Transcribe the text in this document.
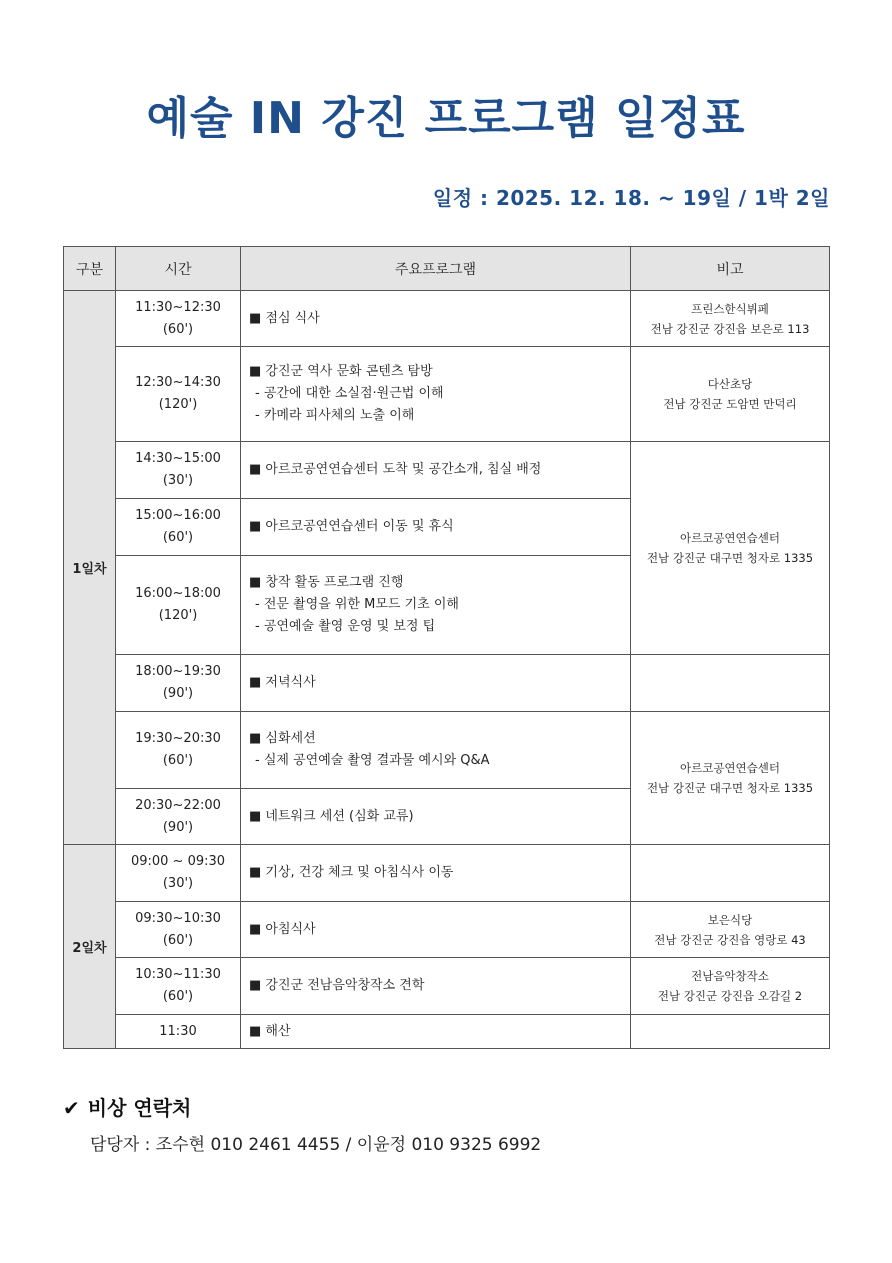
예술 IN 강진 프로그램 일정표
일정 : 2025. 12. 18. ~ 19일 / 1박 2일
구분	시간	주요프로그램	비고
1일차	11:30~12:30
(60')	■ 점심 식사	프린스한식뷔페
전남 강진군 강진읍 보은로 113
	12:30~14:30
(120')	■ 강진군 역사 문화 콘텐츠 탐방
- 공간에 대한 소실점·원근법 이해
- 카메라 피사체의 노출 이해	다산초당
전남 강진군 도암면 만덕리
	14:30~15:00
(30')	■ 아르코공연연습센터 도착 및 공간소개, 침실 배정	아르코공연연습센터
전남 강진군 대구면 청자로 1335
	15:00~16:00
(60')	■ 아르코공연연습센터 이동 및 휴식	
	16:00~18:00
(120')	■ 창작 활동 프로그램 진행
- 전문 촬영을 위한 M모드 기초 이해
- 공연예술 촬영 운영 및 보정 팁	

	18:00~19:30
(90')	■ 저녁식사	
	19:30~20:30
(60')	■ 심화세션
- 실제 공연예술 촬영 결과물 예시와 Q&A	아르코공연연습센터
전남 강진군 대구면 청자로 1335
	20:30~22:00
(90')	■ 네트워크 세션 (심화 교류)	
2일차	09:00 ~ 09:30
(30')	■ 기상, 건강 체크 및 아침식사 이동	
	09:30~10:30
(60')	■ 아침식사	보은식당
전남 강진군 강진읍 영랑로 43
	10:30~11:30
(60')	■ 강진군 전남음악창작소 견학	전남음악창작소
전남 강진군 강진읍 오감길 2
	11:30	■ 해산	
✔ 비상 연락처
담당자 : 조수현 010 2461 4455 / 이윤정 010 9325 6992
